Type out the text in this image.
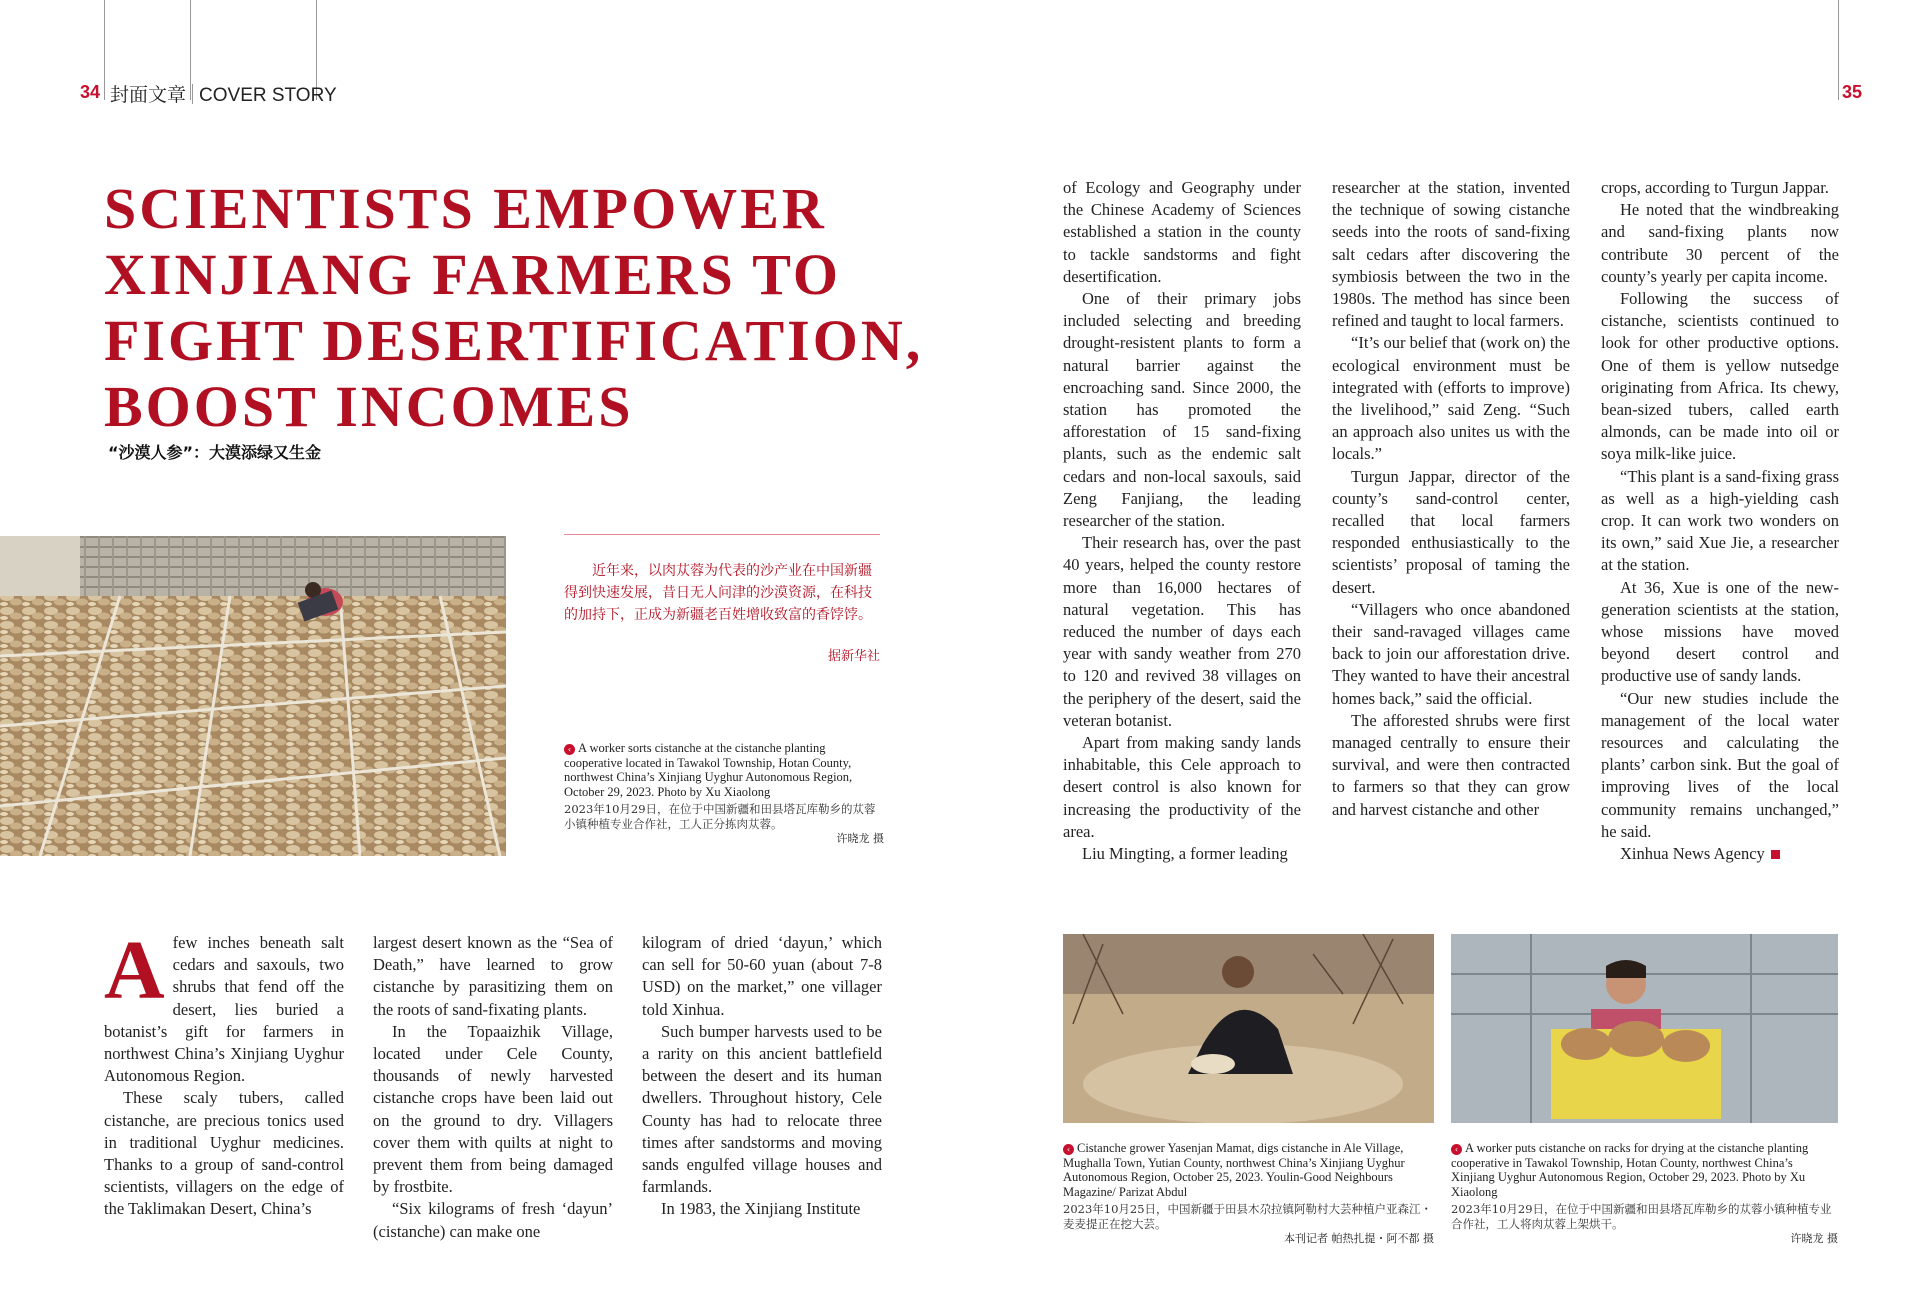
34 封面文章 COVER STORY	35
SCIENTISTS EMPOWER
XINJIANG FARMERS TO
FIGHT DESERTIFICATION,
BOOST INCOMES
“沙漠人参”：大漠添绿又生金
近年来，以肉苁蓉为代表的沙产业在中国新疆得到快速发展，昔日无人问津的沙漠资源，在科技的加持下，正成为新疆老百姓增收致富的香饽饽。
据新华社
‹ A worker sorts cistanche at the cistanche planting cooperative located in Tawakol Township, Hotan County, northwest China’s Xinjiang Uyghur Autonomous Region, October 29, 2023. Photo by Xu Xiaolong
2023年10月29日，在位于中国新疆和田县塔瓦库勒乡的苁蓉小镇种植专业合作社，工人正分拣肉苁蓉。
许晓龙 摄
A few inches beneath salt cedars and saxouls, two shrubs that fend off the desert, lies buried a botanist’s gift for farmers in northwest China’s Xinjiang Uyghur Autonomous Region.

These scaly tubers, called cistanche, are precious tonics used in traditional Uyghur medicines. Thanks to a group of sand-control scientists, villagers on the edge of the Taklimakan Desert, China’s

largest desert known as the “Sea of Death,” have learned to grow cistanche by parasitizing them on the roots of sand-fixating plants.

In the Topaaizhik Village, located under Cele County, thousands of newly harvested cistanche crops have been laid out on the ground to dry. Villagers cover them with quilts at night to prevent them from being damaged by frostbite.

“Six kilograms of fresh ‘dayun’ (cistanche) can make one

kilogram of dried ‘dayun,’ which can sell for 50-60 yuan (about 7-8 USD) on the market,” one villager told Xinhua.

Such bumper harvests used to be a rarity on this ancient battlefield between the desert and its human dwellers. Throughout history, Cele County has had to relocate three times after sandstorms and moving sands engulfed village houses and farmlands.

In 1983, the Xinjiang Institute

of Ecology and Geography under the Chinese Academy of Sciences established a station in the county to tackle sandstorms and fight desertification.

One of their primary jobs included selecting and breeding drought-resistent plants to form a natural barrier against the encroaching sand. Since 2000, the station has promoted the afforestation of 15 sand-fixing plants, such as the endemic salt cedars and non-local saxouls, said Zeng Fanjiang, the leading researcher of the station.

Their research has, over the past 40 years, helped the county restore more than 16,000 hectares of natural vegetation. This has reduced the number of days each year with sandy weather from 270 to 120 and revived 38 villages on the periphery of the desert, said the veteran botanist.

Apart from making sandy lands inhabitable, this Cele approach to desert control is also known for increasing the productivity of the area.

Liu Mingting, a former leading

researcher at the station, invented the technique of sowing cistanche seeds into the roots of sand-fixing salt cedars after discovering the symbiosis between the two in the 1980s. The method has since been refined and taught to local farmers.

“It’s our belief that (work on) the ecological environment must be integrated with (efforts to improve) the livelihood,” said Zeng. “Such an approach also unites us with the locals.”

Turgun Jappar, director of the county’s sand-control center, recalled that local farmers responded enthusiastically to the scientists’ proposal of taming the desert.

“Villagers who once abandoned their sand-ravaged villages came back to join our afforestation drive. They wanted to have their ancestral homes back,” said the official.

The afforested shrubs were first managed centrally to ensure their survival, and were then contracted to farmers so that they can grow and harvest cistanche and other

crops, according to Turgun Jappar.

He noted that the windbreaking and sand-fixing plants now contribute 30 percent of the county’s yearly per capita income.

Following the success of cistanche, scientists continued to look for other productive options. One of them is yellow nutsedge originating from Africa. Its chewy, bean-sized tubers, called earth almonds, can be made into oil or soya milk-like juice.

“This plant is a sand-fixing grass as well as a high-yielding cash crop. It can work two wonders on its own,” said Xue Jie, a researcher at the station.

At 36, Xue is one of the new-generation scientists at the station, whose missions have moved beyond desert control and productive use of sandy lands.

“Our new studies include the management of the local water resources and calculating the plants’ carbon sink. But the goal of improving lives of the local community remains unchanged,” he said.

Xinhua News Agency

‹ Cistanche grower Yasenjan Mamat, digs cistanche in Ale Village, Mughalla Town, Yutian County, northwest China’s Xinjiang Uyghur Autonomous Region, October 25, 2023. Youlin-Good Neighbours Magazine/ Parizat Abdul
2023年10月25日，中国新疆于田县木尕拉镇阿勒村大芸种植户亚森江・麦麦提正在挖大芸。
本刊记者 帕热扎提・阿不都 摄
‹ A worker puts cistanche on racks for drying at the cistanche planting cooperative in Tawakol Township, Hotan County, northwest China’s Xinjiang Uyghur Autonomous Region, October 29, 2023. Photo by Xu Xiaolong
2023年10月29日，在位于中国新疆和田县塔瓦库勒乡的苁蓉小镇种植专业合作社，工人将肉苁蓉上架烘干。
许晓龙 摄
